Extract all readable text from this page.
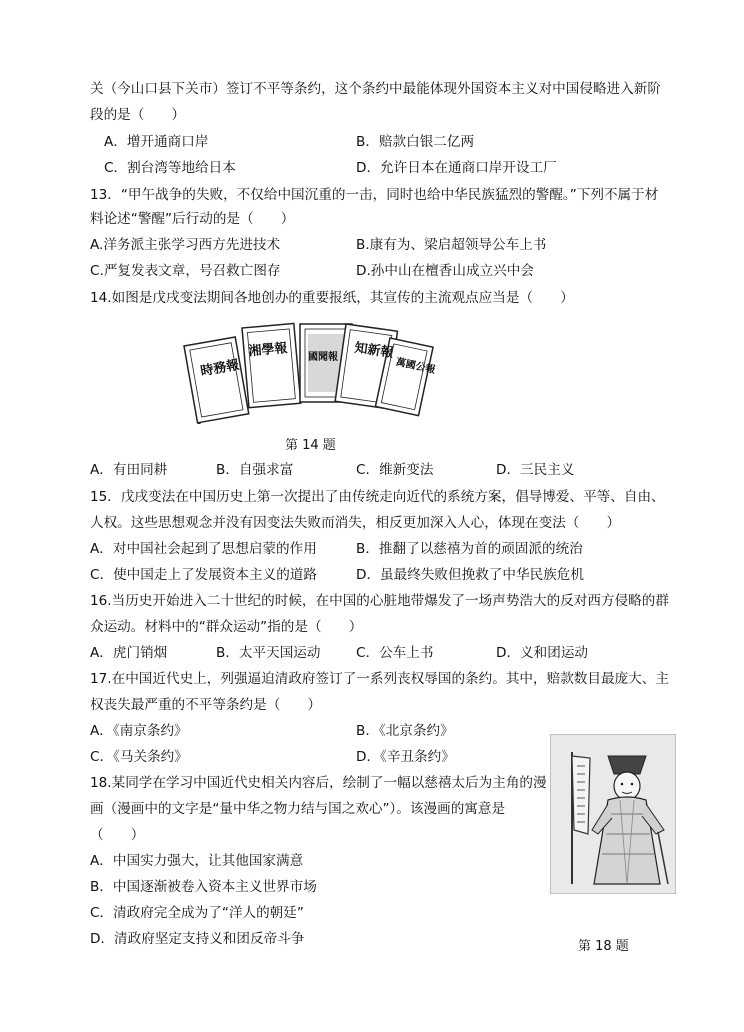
关（今山口县下关市）签订不平等条约，这个条约中最能体现外国资本主义对中国侵略进入新阶
段的是（　　）
A．增开通商口岸	B．赔款白银二亿两
C．割台湾等地给日本	D．允许日本在通商口岸开设工厂
13．“甲午战争的失败，不仅给中国沉重的一击，同时也给中华民族猛烈的警醒。”下列不属于材
料论述“警醒”后行动的是（　　）
A.洋务派主张学习西方先进技术	B.康有为、梁启超领导公车上书
C.严复发表文章，号召救亡图存	D.孙中山在檀香山成立兴中会
14.如图是戊戌变法期间各地创办的重要报纸，其宣传的主流观点应当是（　　）
時務報
湘學報 國聞報 知新報
萬國公報
第 14 题
A．有田同耕	B．自强求富	C．维新变法	D．三民主义
15．戊戌变法在中国历史上第一次提出了由传统走向近代的系统方案，倡导博爱、平等、自由、
人权。这些思想观念并没有因变法失败而消失，相反更加深入人心，体现在变法（　　）
A．对中国社会起到了思想启蒙的作用	B．推翻了以慈禧为首的顽固派的统治
C．使中国走上了发展资本主义的道路	D．虽最终失败但挽救了中华民族危机
16.当历史开始进入二十世纪的时候，在中国的心脏地带爆发了一场声势浩大的反对西方侵略的群
众运动。材料中的“群众运动”指的是（　　）
A．虎门销烟	B．太平天国运动	C．公车上书	D．义和团运动
17.在中国近代史上，列强逼迫清政府签订了一系列丧权辱国的条约。其中，赔款数目最庞大、主
权丧失最严重的不平等条约是（　　）
A．《南京条约》	B．《北京条约》
C．《马关条约》	D．《辛丑条约》
18.某同学在学习中国近代史相关内容后，绘制了一幅以慈禧太后为主角的漫
画（漫画中的文字是“量中华之物力结与国之欢心”）。该漫画的寓意是
（　　）
A．中国实力强大，让其他国家满意
B．中国逐渐被卷入资本主义世界市场
C．清政府完全成为了“洋人的朝廷”
D．清政府坚定支持义和团反帝斗争	第 18 题
